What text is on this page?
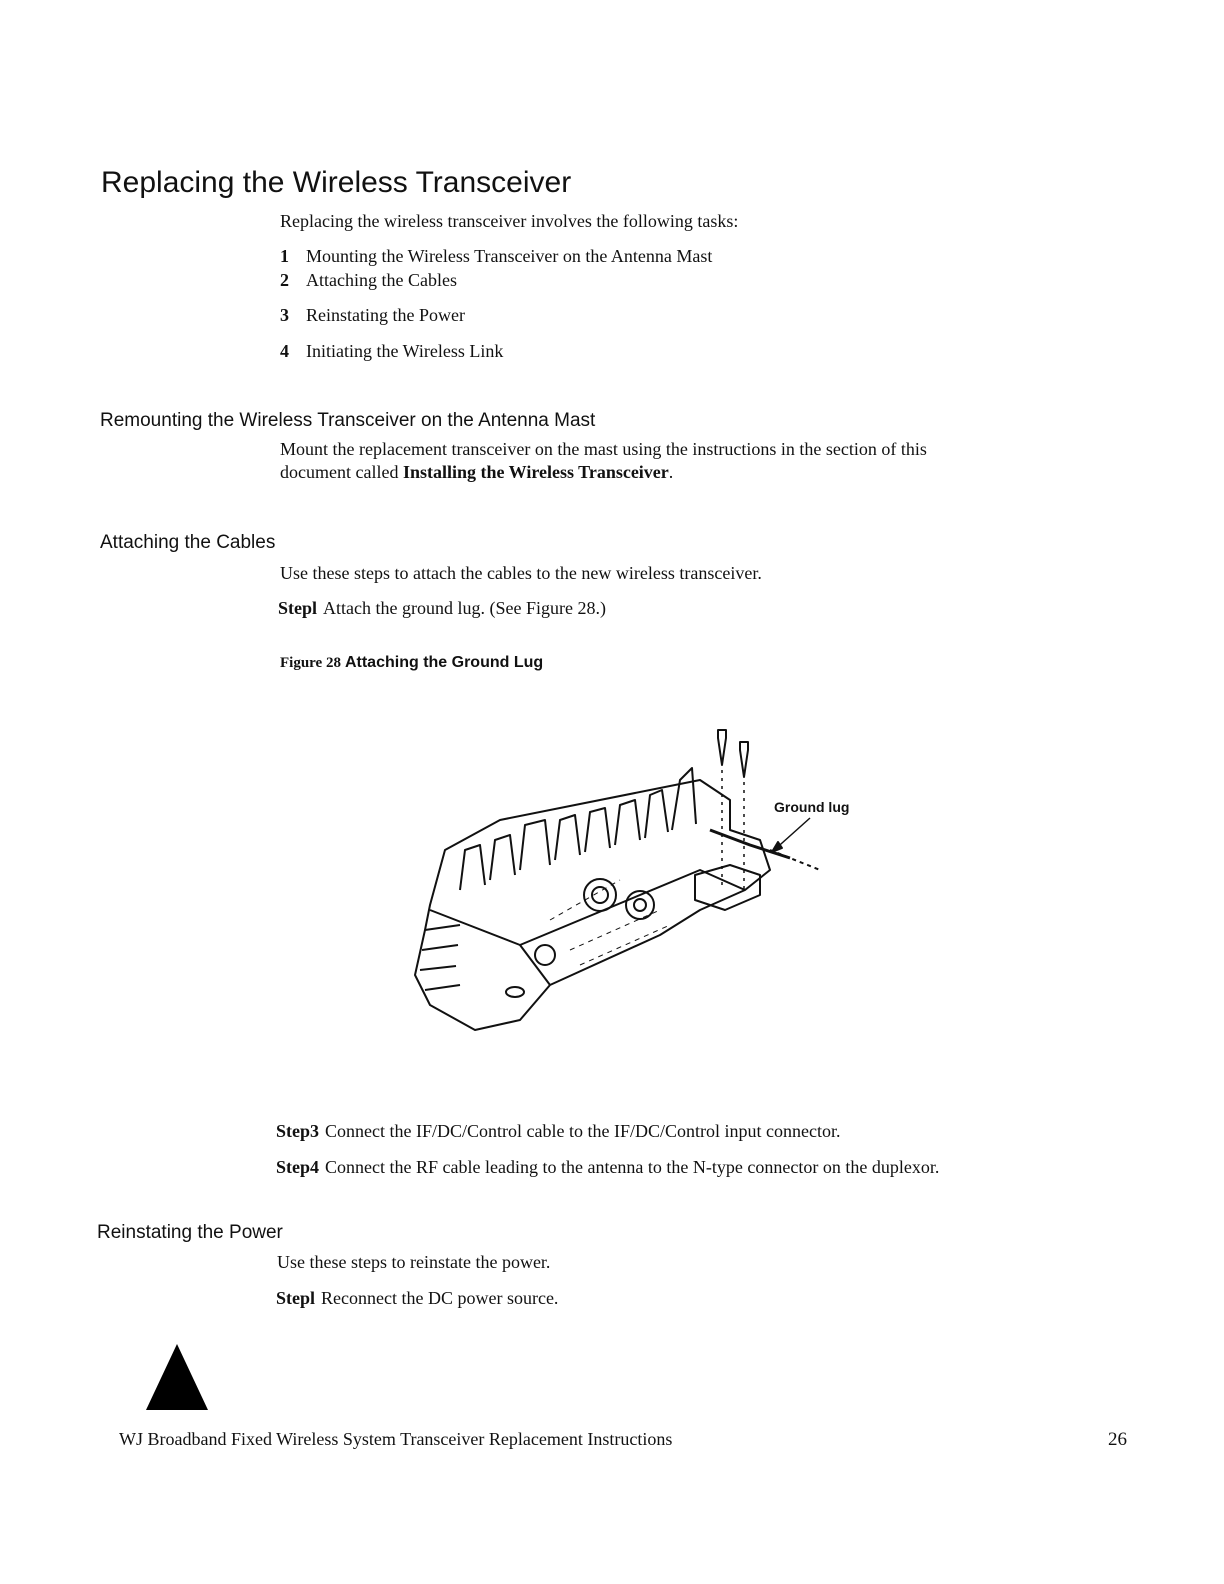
Replacing the Wireless Transceiver
Replacing the wireless transceiver involves the following tasks:
1 Mounting the Wireless Transceiver on the Antenna Mast
2 Attaching the Cables
3 Reinstating the Power
4 Initiating the Wireless Link
Remounting the Wireless Transceiver on the Antenna Mast
Mount the replacement transceiver on the mast using the instructions in the section of this
document called Installing the Wireless Transceiver.
Attaching the Cables
Use these steps to attach the cables to the new wireless transceiver.
Stepl Attach the ground lug. (See Figure 28.)
Figure 28 Attaching the Ground Lug
Ground lug
Step3 Connect the IF/DC/Control cable to the IF/DC/Control input connector.
Step4 Connect the RF cable leading to the antenna to the N-type connector on the duplexor.
Reinstating the Power
Use these steps to reinstate the power.
Stepl Reconnect the DC power source.
WJ Broadband Fixed Wireless System Transceiver Replacement Instructions	26
